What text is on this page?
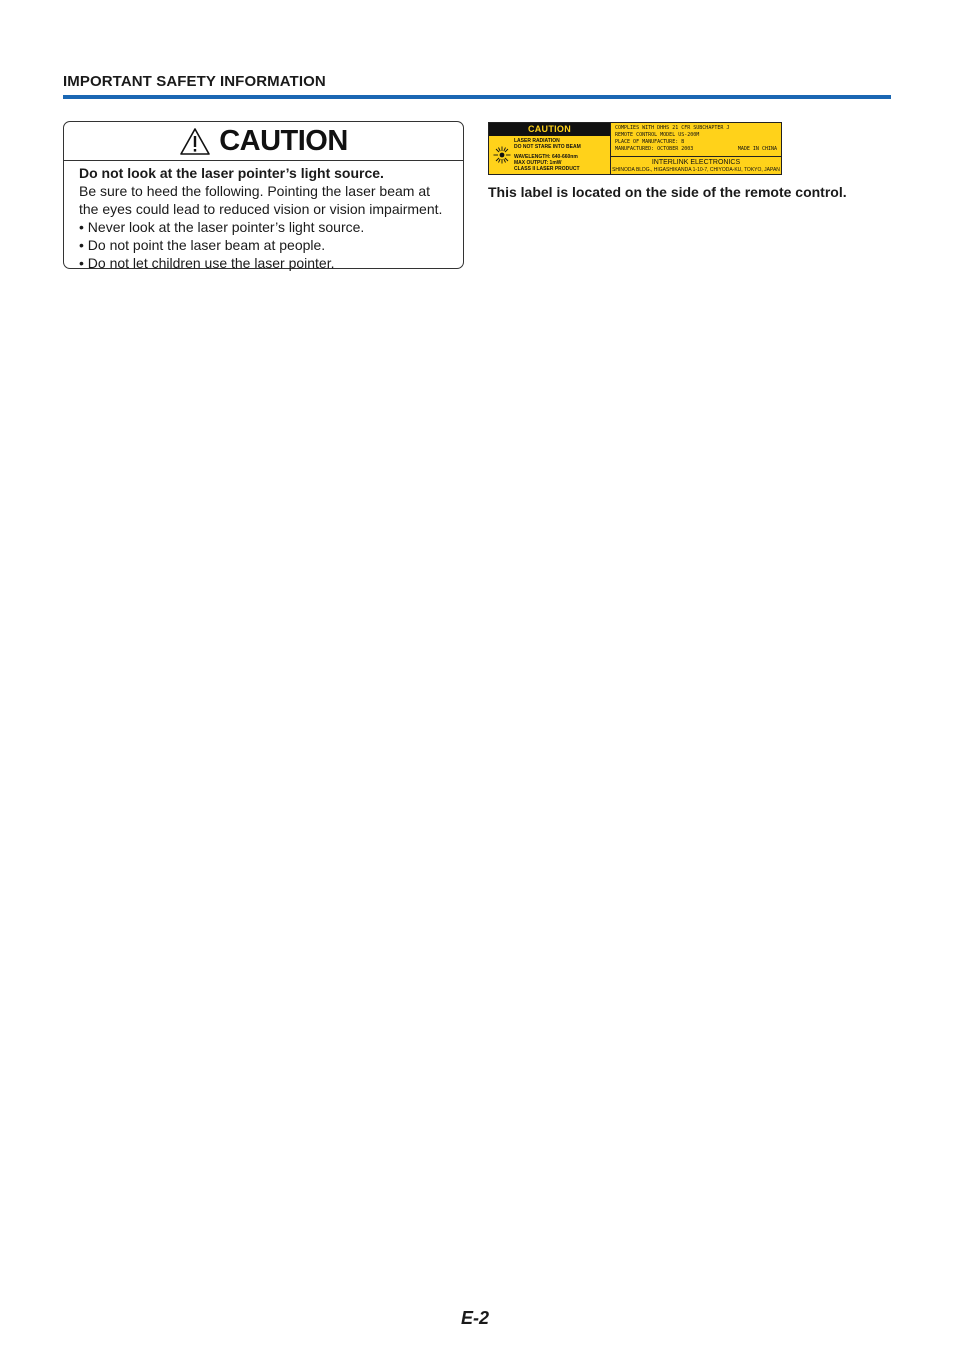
IMPORTANT SAFETY INFORMATION
CAUTION

Do not look at the laser pointer’s light source.

Be sure to heed the following. Pointing the laser beam at the eyes could lead to reduced vision or vision impairment.

• Never look at the laser pointer’s light source.
• Do not point the laser beam at people.
• Do not let children use the laser pointer.
CAUTION
LASER RADIATION
DO NOT STARE INTO BEAM
WAVELENGTH: 640-660nm
MAX OUTPUT: 1mW
CLASS II LASER PRODUCT
COMPLIES WITH DHHS 21 CFR SUBCHAPTER J
REMOTE CONTROL MODEL US-200M
PLACE OF MANUFACTURE: B
MANUFACTURED: OCTOBER 2003	MADE IN CHINA
INTERLINK ELECTRONICS
SHINODA BLDG., HIGASHIKANDA 1-10-7, CHIYODA-KU, TOKYO, JAPAN
This label is located on the side of the remote control.
E-2
